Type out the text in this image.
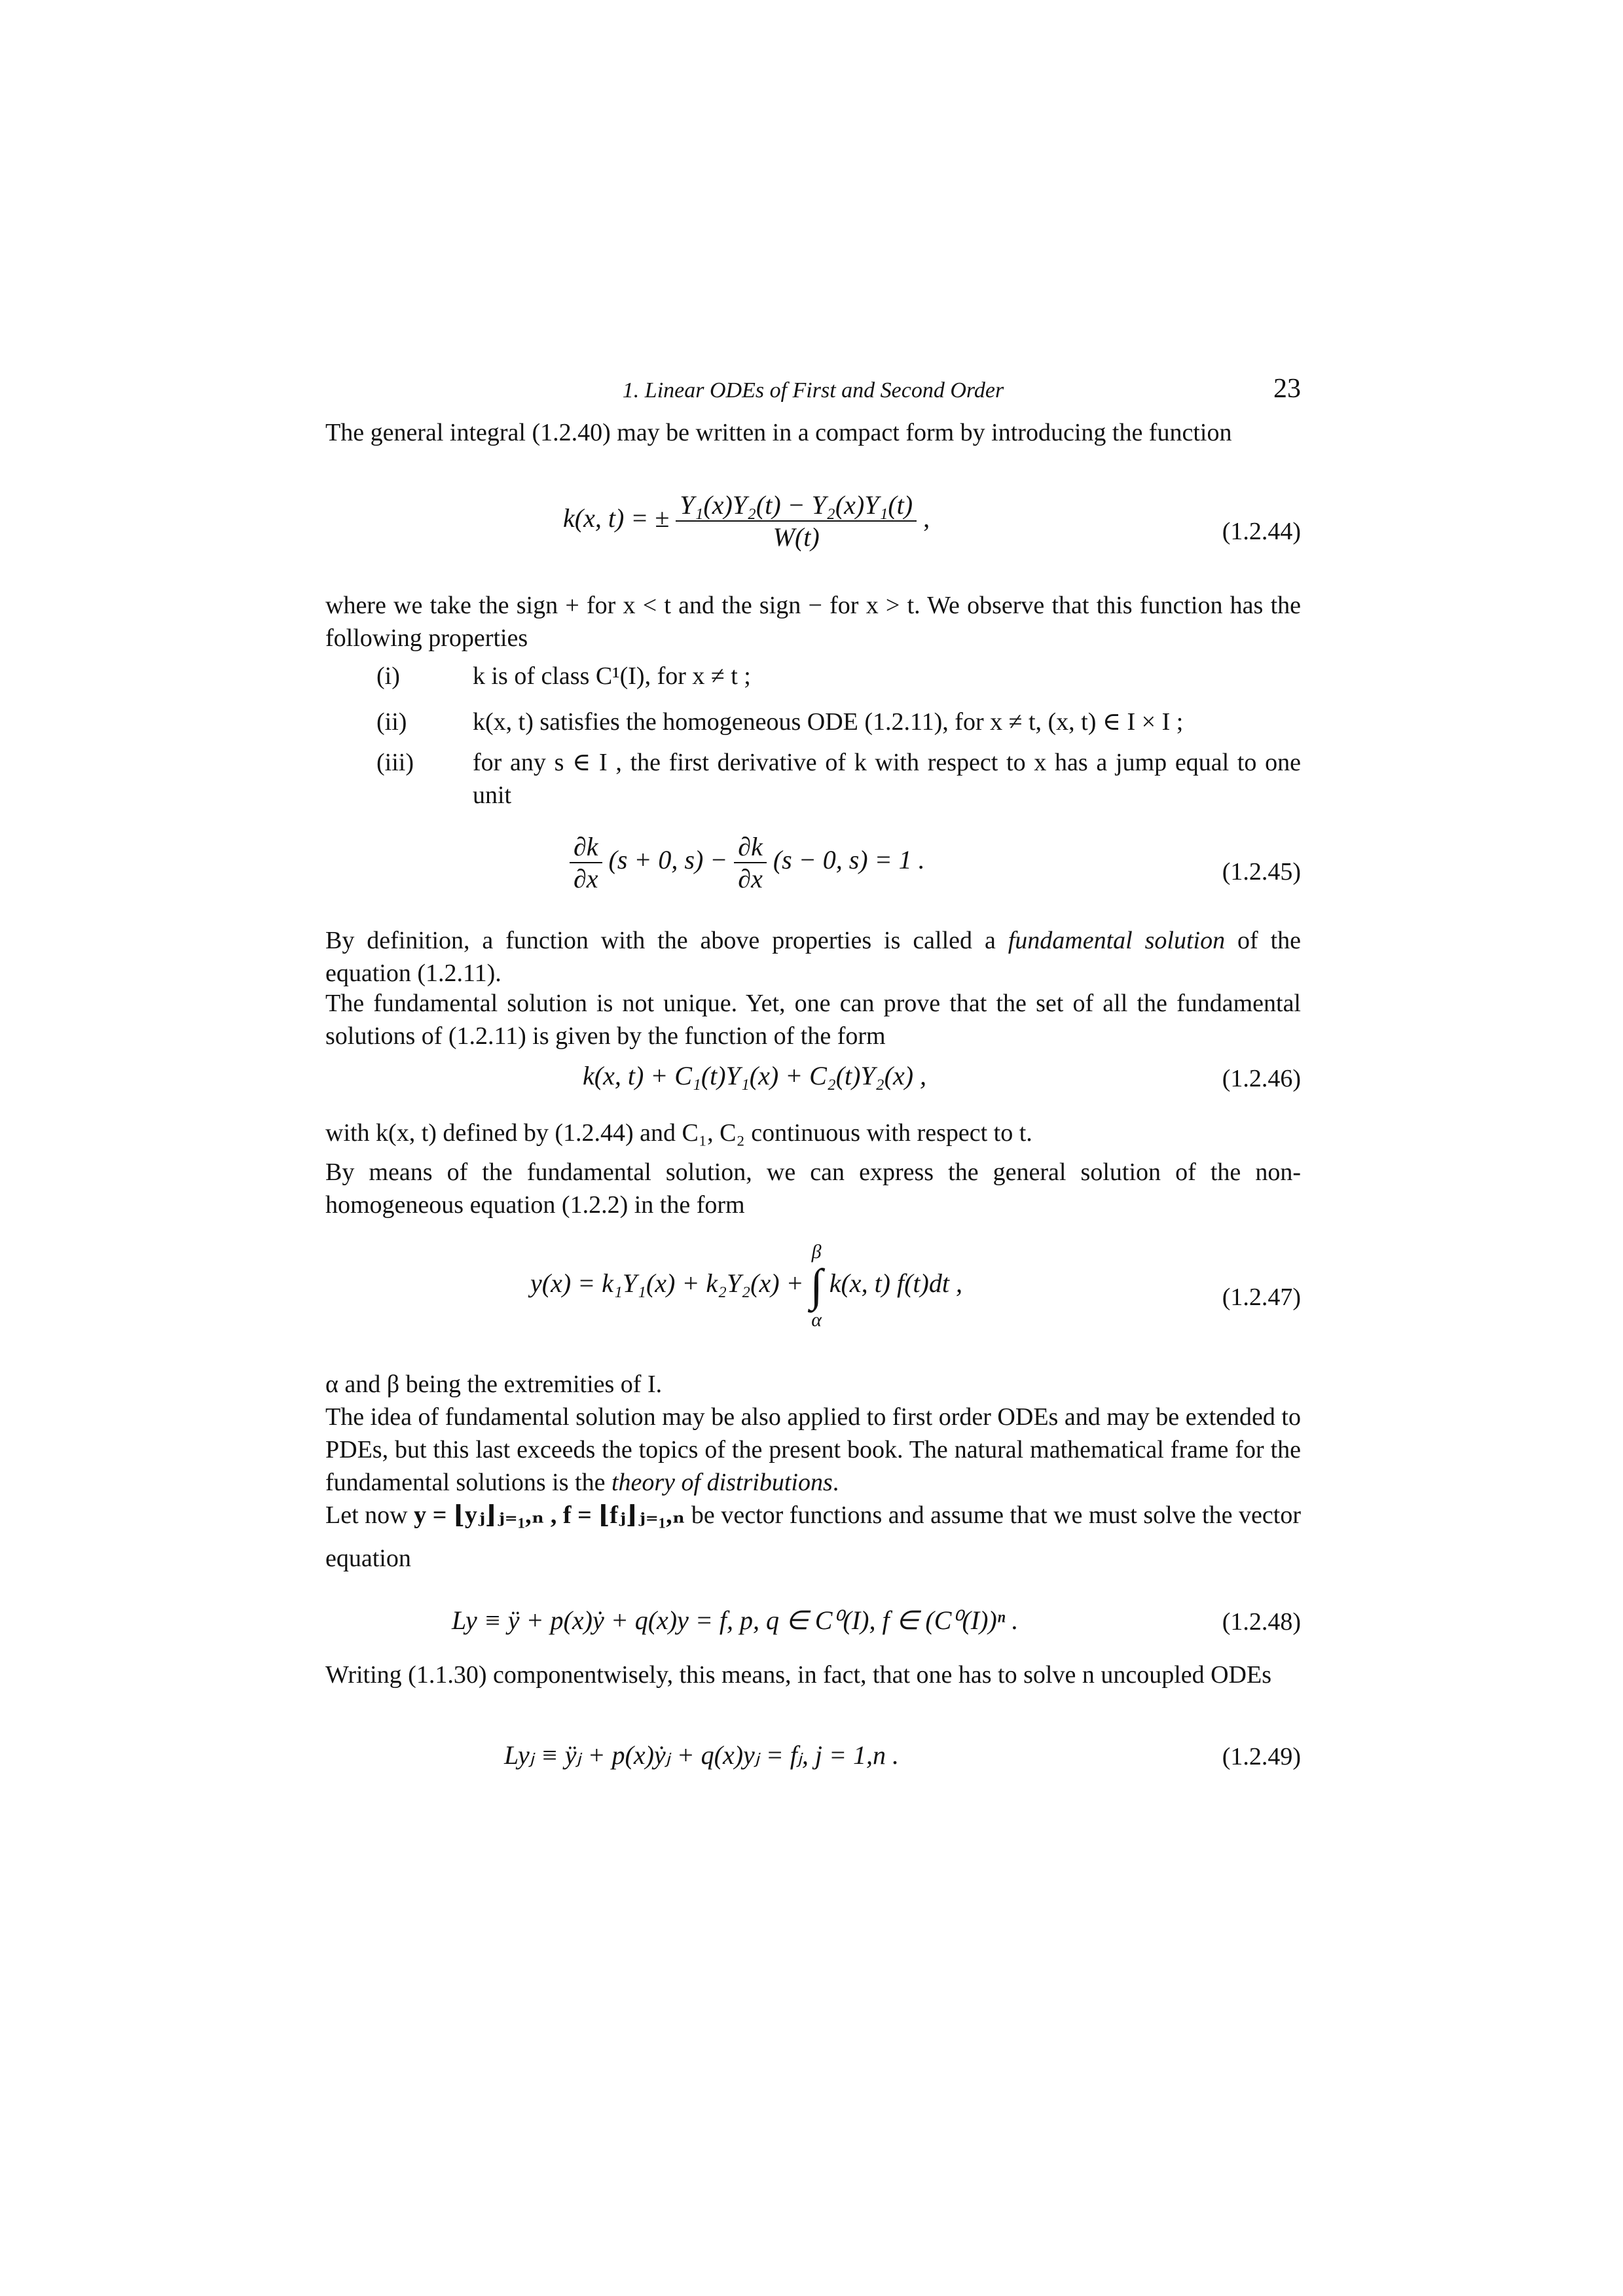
1. Linear ODEs of First and Second Order	23

The general integral (1.2.40) may be written in a compact form by introducing the function

k(x, t) = ± $\frac{\text{Y₁(x)Y₂(t) − Y₂(x)Y₁(t)}}{W(t)}$ ,	(1.2.44)

where we take the sign + for x < t and the sign − for x > t. We observe that this function has the following properties

(i)	k is of class C¹(I), for x ≠ t ;
(ii)	k(x, t) satisfies the homogeneous ODE (1.2.11), for x ≠ t, (x, t) ∈ I × I ;
(iii) for any s ∈ I , the first derivative of k with respect to x has a jump equal to one unit
$\frac{\partial k}{\partial x} (s + 0$, $s) - \frac{\partial k}{\partial x} (s - 0$, s) = 1 .	(1.2.45)

By definition, a function with the above properties is called a fundamental solution of the equation (1.2.11).

The fundamental solution is not unique. Yet, one can prove that the set of all the fundamental solutions of (1.2.11) is given by the function of the form

k(x, t) + C₁(t)Y₁(x) + C₂(t)Y₂(x) ,	(1.2.46)

with k(x, t) defined by (1.2.44) and C₁, C₂ continuous with respect to t.

By means of the fundamental solution, we can express the general solution of the non-homogeneous equation (1.2.2) in the form

y(x) = k₁Y₁(x) + k₂Y₂(x) +
β
∫
α
k(x, t) f(t)dt ,	(1.2.47)

α and β being the extremities of I.

The idea of fundamental solution may be also applied to first order ODEs and may be extended to PDEs, but this last exceeds the topics of the present book. The natural mathematical frame for the fundamental solutions is the theory of distributions.

Let now y = ⌊yⱼ⌋ⱼ₌₁,ₙ , f = ⌊fⱼ⌋ⱼ₌₁,ₙ be vector functions and assume that we must solve the vector equation

Ly ≡ ÿ + p(x)ẏ + q(x)y = f, p, q ∈ C⁰(I), f ∈ (C⁰(I))ⁿ .	(1.2.48)

Writing (1.1.30) componentwisely, this means, in fact, that one has to solve n uncoupled ODEs

Lyⱼ ≡ ÿⱼ + p(x)ẏⱼ + q(x)yⱼ = fⱼ, j = 1,n .	(1.2.49)
